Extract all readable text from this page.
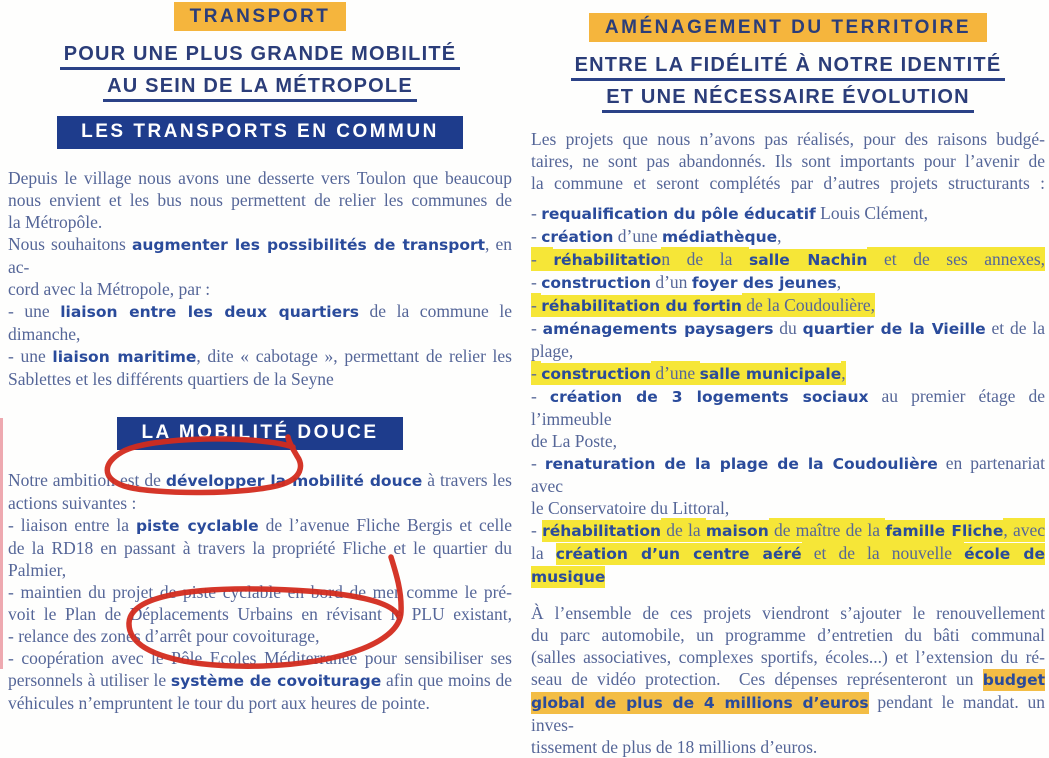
TRANSPORT
POUR UNE PLUS GRANDE MOBILITÉ
AU SEIN DE LA MÉTROPOLE
LES TRANSPORTS EN COMMUN
Depuis le village nous avons une desserte vers Toulon que beaucoup
nous envient et les bus nous permettent de relier les communes de
la Métropôle.
Nous souhaitons augmenter les possibilités de transport, en ac-
cord avec la Métropole, par :
- une liaison entre les deux quartiers de la commune le dimanche,
- une liaison maritime, dite « cabotage », permettant de relier les
Sablettes et les différents quartiers de la Seyne
LA MOBILITÉ DOUCE
Notre ambition est de développer la mobilité douce à travers les
actions suivantes :
- liaison entre la piste cyclable de l’avenue Fliche Bergis et celle
de la RD18 en passant à travers la propriété Fliche et le quartier du
Palmier,
- maintien du projet de piste cyclable en bord de mer comme le pré-
voit le Plan de Déplacements Urbains en révisant le PLU existant,
- relance des zones d’arrêt pour covoiturage,
- coopération avec le Pôle Ecoles Méditerranée pour sensibiliser ses
personnels à utiliser le système de covoiturage afin que moins de
véhicules n’empruntent le tour du port aux heures de pointe.
AMÉNAGEMENT DU TERRITOIRE
ENTRE LA FIDÉLITÉ À NOTRE IDENTITÉ
ET UNE NÉCESSAIRE ÉVOLUTION
Les projets que nous n’avons pas réalisés, pour des raisons budgé-
taires, ne sont pas abandonnés. Ils sont importants pour l’avenir de
la commune et seront complétés par d’autres projets structurants :
- requalification du pôle éducatif Louis Clément,
- création d’une médiathèque,
- réhabilitation de la salle Nachin et de ses annexes,
- construction d’un foyer des jeunes,
- réhabilitation du fortin de la Coudoulière,
- aménagements paysagers du quartier de la Vieille et de la
plage,
- construction d’une salle municipale,
- création de 3 logements sociaux au premier étage de l’immeuble
de La Poste,
- renaturation de la plage de la Coudoulière en partenariat avec
le Conservatoire du Littoral,
- réhabilitation de la maison de maître de la famille Fliche, avec
la création d’un centre aéré et de la nouvelle école de musique
À l’ensemble de ces projets viendront s’ajouter le renouvellement
du parc automobile, un programme d’entretien du bâti communal
(salles associatives, complexes sportifs, écoles...) et l’extension du ré-
seau de vidéo protection.  Ces dépenses représenteront un budget
global de plus de 4 millions d’euros pendant le mandat. un inves-
tissement de plus de 18 millions d’euros.
